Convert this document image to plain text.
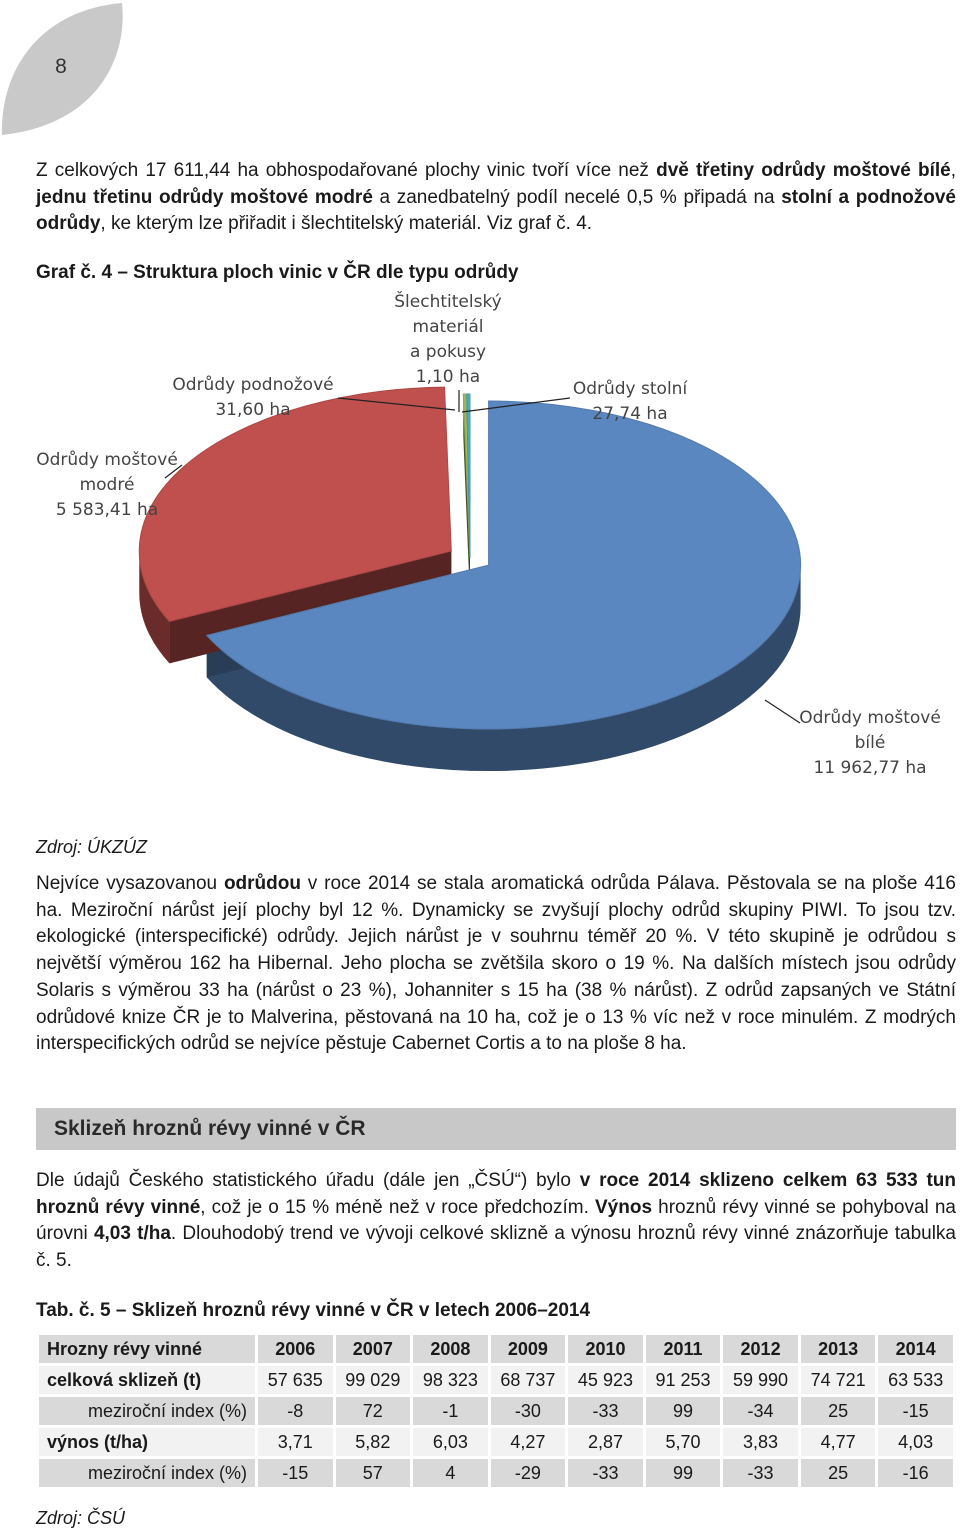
8

Z celkových 17 611,44 ha obhospodařované plochy vinic tvoří více než dvě třetiny odrůdy moštové bílé, jednu třetinu odrůdy moštové modré a zanedbatelný podíl necelé 0,5 % připadá na stolní a podnožové odrůdy, ke kterým lze přiřadit i šlechtitelský materiál. Viz graf č. 4.

Graf č. 4 – Struktura ploch vinic v ČR dle typu odrůdy
Odrůdy moštové
bílé
11 962,77 ha
Odrůdy moštové
modré
5 583,41 ha
Odrůdy podnožové
31,60 ha
Šlechtitelský
materiál
a pokusy
1,10 ha
Odrůdy stolní
27,74 ha
Zdroj: ÚKZÚZ

Nejvíce vysazovanou odrůdou v roce 2014 se stala aromatická odrůda Pálava. Pěstovala se na ploše 416 ha. Meziroční nárůst její plochy byl 12 %. Dynamicky se zvyšují plochy odrůd skupiny PIWI. To jsou tzv. ekologické (interspecifické) odrůdy. Jejich nárůst je v souhrnu téměř 20 %. V této skupině je odrůdou s největší výměrou 162 ha Hibernal. Jeho plocha se zvětšila skoro o 19 %. Na dalších místech jsou odrůdy Solaris s výměrou 33 ha (nárůst o 23 %), Johanniter s 15 ha (38 % nárůst). Z odrůd zapsaných ve Státní odrůdové knize ČR je to Malverina, pěstovaná na 10 ha, což je o 13 % víc než v roce minulém. Z modrých interspecifických odrůd se nejvíce pěstuje Cabernet Cortis a to na ploše 8 ha.

Sklizeň hroznů révy vinné v ČR

Dle údajů Českého statistického úřadu (dále jen „ČSÚ“) bylo v roce 2014 sklizeno celkem 63 533 tun hroznů révy vinné, což je o 15 % méně než v roce předchozím. Výnos hroznů révy vinné se pohyboval na úrovni 4,03 t/ha. Dlouhodobý trend ve vývoji celkové sklizně a výnosu hroznů révy vinné znázorňuje tabulka č. 5.

Tab. č. 5 – Sklizeň hroznů révy vinné v ČR v letech 2006–2014
Hrozny révy vinné	2006	2007	2008	2009	2010	2011	2012	2013	2014
celková sklizeň (t)	57 635	99 029	98 323	68 737	45 923	91 253	59 990	74 721	63 533
meziroční index (%)	-8	72	-1	-30	-33	99	-34	25	-15
výnos (t/ha)	3,71	5,82	6,03	4,27	2,87	5,70	3,83	4,77	4,03
meziroční index (%)	-15	57	4	-29	-33	99	-33	25	-16
Zdroj: ČSÚ
